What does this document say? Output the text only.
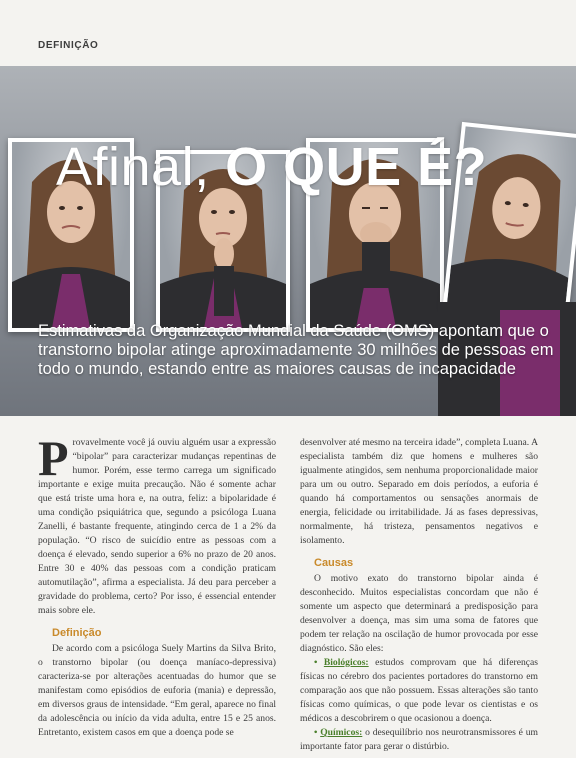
DEFINIÇÃO
Afinal, O QUE É?
Estimativas da Organização Mundial da Saúde (OMS) apontam que o transtorno bipolar atinge aproximadamente 30 milhões de pessoas em todo o mundo, estando entre as maiores causas de incapacidade

Provavelmente você já ouviu alguém usar a expressão “bipolar” para caracterizar mudanças repentinas de humor. Porém, esse termo carrega um significado importante e exige muita precaução. Não é somente achar que está triste uma hora e, na outra, feliz: a bipolaridade é uma condição psiquiátrica que, segundo a psicóloga Luana Zanelli, é bastante frequente, atingindo cerca de 1 a 2% da população. “O risco de suicídio entre as pessoas com a doença é elevado, sendo superior a 6% no prazo de 20 anos. Entre 30 e 40% das pessoas com a condição praticam automutilação”, afirma a especialista. Já deu para perceber a gravidade do problema, certo? Por isso, é essencial entender mais sobre ele.

Definição

De acordo com a psicóloga Suely Martins da Silva Brito, o transtorno bipolar (ou doença maníaco-depressiva) caracteriza-se por alterações acentuadas do humor que se manifestam como episódios de euforia (mania) e depressão, em diversos graus de intensidade. “Em geral, aparece no final da adolescência ou início da vida adulta, entre 15 e 25 anos. Entretanto, existem casos em que a doença pode se

desenvolver até mesmo na terceira idade”, completa Luana. A especialista também diz que homens e mulheres são igualmente atingidos, sem nenhuma proporcionalidade maior para um ou outro. Separado em dois períodos, a euforia é quando há comportamentos ou sensações anormais de energia, felicidade ou irritabilidade. Já as fases depressivas, normalmente, há tristeza, pensamentos negativos e isolamento.

Causas

O motivo exato do transtorno bipolar ainda é desconhecido. Muitos especialistas concordam que não é somente um aspecto que determinará a predisposição para desenvolver a doença, mas sim uma soma de fatores que podem ter relação na oscilação de humor provocada por esse diagnóstico. São eles:

• Biológicos: estudos comprovam que há diferenças físicas no cérebro dos pacientes portadores do transtorno em comparação aos que não possuem. Essas alterações são tanto físicas como químicas, o que pode levar os cientistas e os médicos a descobrirem o que ocasionou a doença.

• Químicos: o desequilíbrio nos neurotransmissores é um importante fator para gerar o distúrbio.
